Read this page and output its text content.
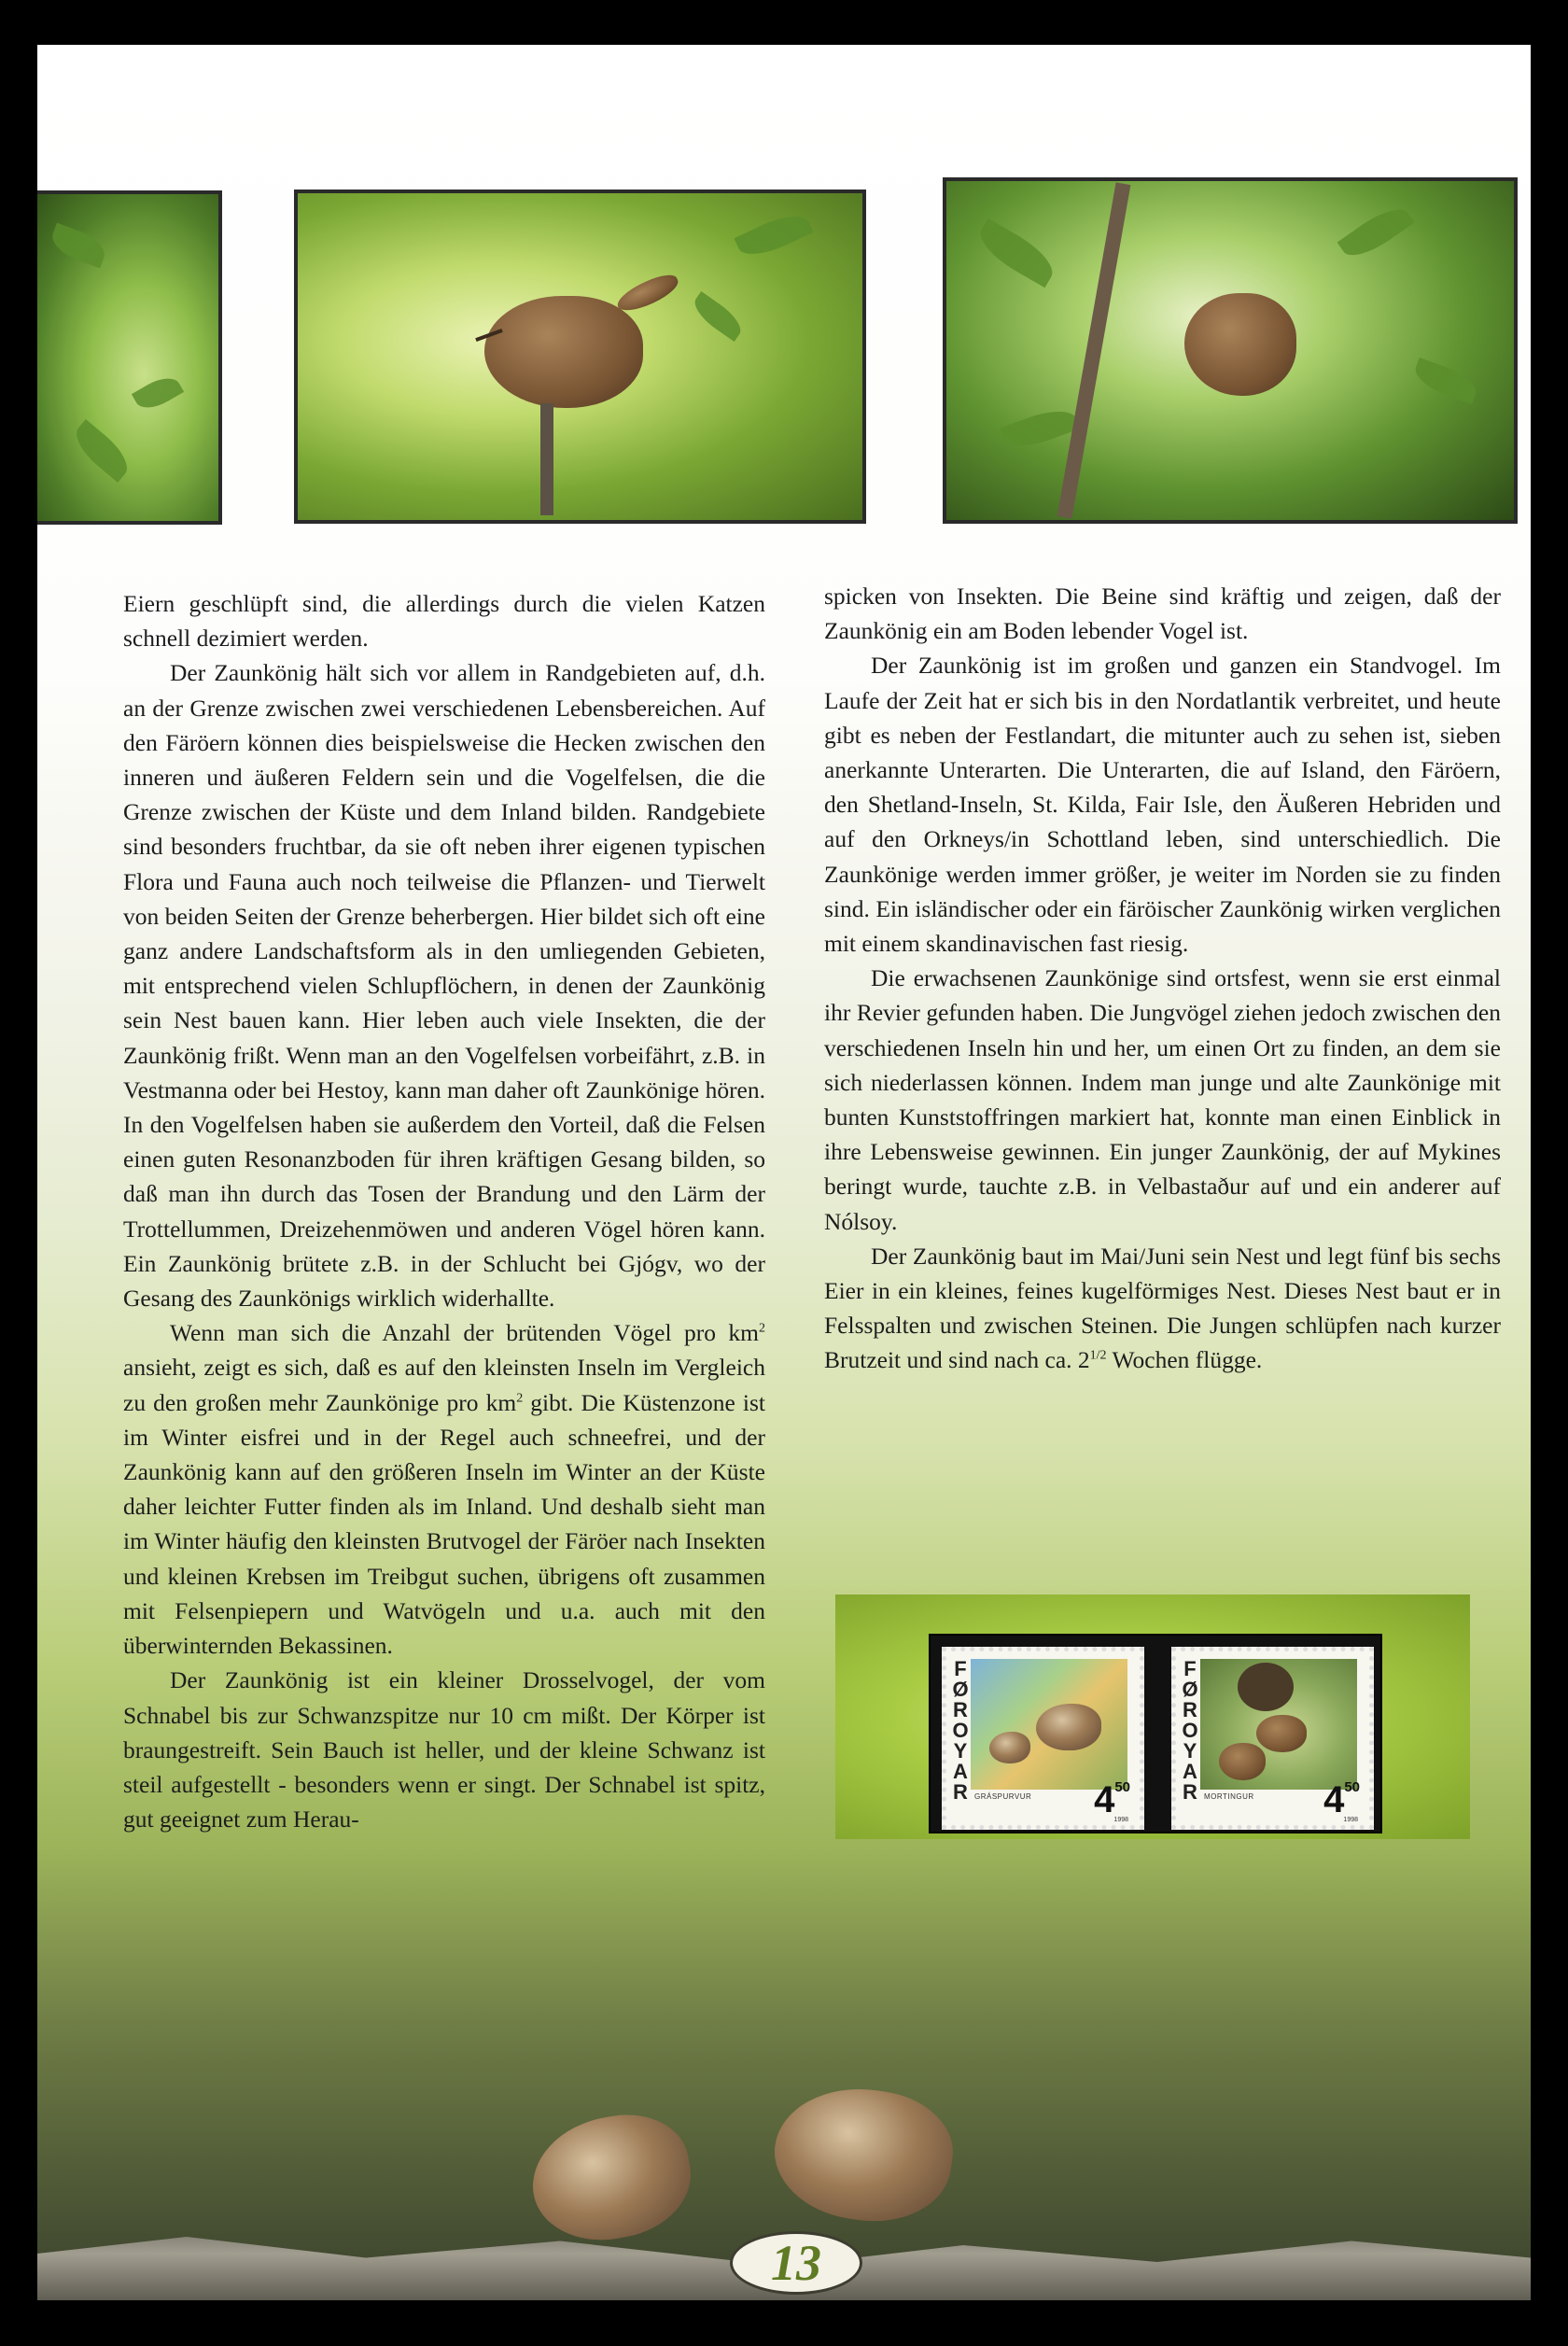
Eiern geschlüpft sind, die allerdings durch die vielen Katzen schnell dezimiert werden.

Der Zaunkönig hält sich vor allem in Randgebieten auf, d.h. an der Grenze zwischen zwei verschiedenen Lebensbereichen. Auf den Färöern können dies beispielsweise die Hecken zwischen den inneren und äußeren Feldern sein und die Vogelfelsen, die die Grenze zwischen der Küste und dem Inland bilden. Randgebiete sind besonders fruchtbar, da sie oft neben ihrer eigenen typischen Flora und Fauna auch noch teilweise die Pflanzen- und Tierwelt von beiden Seiten der Grenze beherbergen. Hier bildet sich oft eine ganz andere Landschaftsform als in den umliegenden Gebieten, mit entsprechend vielen Schlupflöchern, in denen der Zaunkönig sein Nest bauen kann. Hier leben auch viele Insekten, die der Zaunkönig frißt. Wenn man an den Vogelfelsen vorbeifährt, z.B. in Vestmanna oder bei Hestoy, kann man daher oft Zaunkönige hören. In den Vogelfelsen haben sie außerdem den Vorteil, daß die Felsen einen guten Resonanzboden für ihren kräftigen Gesang bilden, so daß man ihn durch das Tosen der Brandung und den Lärm der Trottellummen, Dreizehenmöwen und anderen Vögel hören kann. Ein Zaunkönig brütete z.B. in der Schlucht bei Gjógv, wo der Gesang des Zaunkönigs wirklich widerhallte.

Wenn man sich die Anzahl der brütenden Vögel pro $km^2$ ansieht, zeigt es sich, daß es auf den kleinsten Inseln im Vergleich zu den großen mehr Zaunkönige pro $km^2$ gibt. Die Küstenzone ist im Winter eisfrei und in der Regel auch schneefrei, und der Zaunkönig kann auf den größeren Inseln im Winter an der Küste daher leichter Futter finden als im Inland. Und deshalb sieht man im Winter häufig den kleinsten Brutvogel der Färöer nach Insekten und kleinen Krebsen im Treibgut suchen, übrigens oft zusammen mit Felsenpiepern und Watvögeln und u.a. auch mit den überwinternden Bekassinen.

Der Zaunkönig ist ein kleiner Drosselvogel, der vom Schnabel bis zur Schwanzspitze nur 10 cm mißt. Der Körper ist braungestreift. Sein Bauch ist heller, und der kleine Schwanz ist steil aufgestellt - besonders wenn er singt. Der Schnabel ist spitz, gut geeignet zum Herau-

spicken von Insekten. Die Beine sind kräftig und zeigen, daß der Zaunkönig ein am Boden lebender Vogel ist.

Der Zaunkönig ist im großen und ganzen ein Standvogel. Im Laufe der Zeit hat er sich bis in den Nordatlantik verbreitet, und heute gibt es neben der Festlandart, die mitunter auch zu sehen ist, sieben anerkannte Unterarten. Die Unterarten, die auf Island, den Färöern, den Shetland-Inseln, St. Kilda, Fair Isle, den Äußeren Hebriden und auf den Orkneys/in Schottland leben, sind unterschiedlich. Die Zaunkönige werden immer größer, je weiter im Norden sie zu finden sind. Ein isländischer oder ein färöischer Zaunkönig wirken verglichen mit einem skandinavischen fast riesig.

Die erwachsenen Zaunkönige sind ortsfest, wenn sie erst einmal ihr Revier gefunden haben. Die Jungvögel ziehen jedoch zwischen den verschiedenen Inseln hin und her, um einen Ort zu finden, an dem sie sich niederlassen können. Indem man junge und alte Zaunkönige mit bunten Kunststoffringen markiert hat, konnte man einen Einblick in ihre Lebensweise gewinnen. Ein junger Zaunkönig, der auf Mykines beringt wurde, tauchte z.B. in Velbastaður auf und ein anderer auf Nólsoy.

Der Zaunkönig baut im Mai/Juni sein Nest und legt fünf bis sechs Eier in ein kleines, feines kugelförmiges Nest. Dieses Nest baut er in Felsspalten und zwischen Steinen. Die Jungen schlüpfen nach kurzer Brutzeit und sind nach ca. $2^{1/2}$ Wochen flügge.

F
Ø
R
O
Y
A
R GRÁSPURVUR $4^{50}$
1998
F
Ø
R
O
Y
A
R MORTINGUR $4^{50}$
1998
13
